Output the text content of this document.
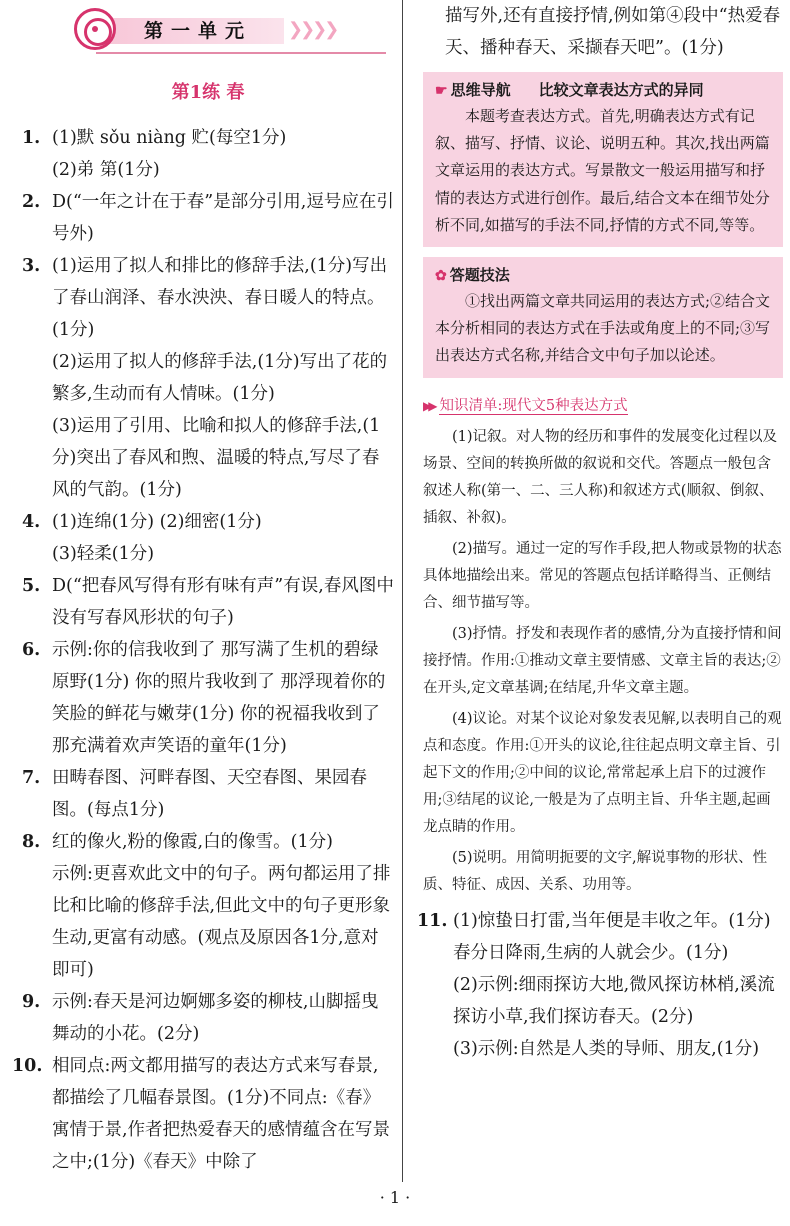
第一单元 ❯❯❯❯
第1练 春
1. (1)默 sǒu niàng 贮(每空1分)

(2)弟 第(1分)

2. D(“一年之计在于春”是部分引用,逗号应在引号外)

3. (1)运用了拟人和排比的修辞手法,(1分)写出了春山润泽、春水泱泱、春日暖人的特点。(1分)

(2)运用了拟人的修辞手法,(1分)写出了花的繁多,生动而有人情味。(1分)

(3)运用了引用、比喻和拟人的修辞手法,(1分)突出了春风和煦、温暖的特点,写尽了春风的气韵。(1分)

4. (1)连绵(1分) (2)细密(1分)

(3)轻柔(1分)

5. D(“把春风写得有形有味有声”有误,春风图中没有写春风形状的句子)

6. 示例:你的信我收到了 那写满了生机的碧绿原野(1分) 你的照片我收到了 那浮现着你的笑脸的鲜花与嫩芽(1分) 你的祝福我收到了 那充满着欢声笑语的童年(1分)

7. 田畴春图、河畔春图、天空春图、果园春图。(每点1分)

8. 红的像火,粉的像霞,白的像雪。(1分)

示例:更喜欢此文中的句子。两句都运用了排比和比喻的修辞手法,但此文中的句子更形象生动,更富有动感。(观点及原因各1分,意对即可)

9. 示例:春天是河边婀娜多姿的柳枝,山脚摇曳舞动的小花。(2分)

10. 相同点:两文都用描写的表达方式来写春景,都描绘了几幅春景图。(1分)不同点:《春》寓情于景,作者把热爱春天的感情蕴含在写景之中;(1分)《春天》中除了

描写外,还有直接抒情,例如第④段中“热爱春天、播种春天、采撷春天吧”。(1分)
☛ 思维导航 比较文章表达方式的异同

本题考查表达方式。首先,明确表达方式有记叙、描写、抒情、议论、说明五种。其次,找出两篇文章运用的表达方式。写景散文一般运用描写和抒情的表达方式进行创作。最后,结合文本在细节处分析不同,如描写的手法不同,抒情的方式不同,等等。

✿ 答题技法

①找出两篇文章共同运用的表达方式;②结合文本分析相同的表达方式在手法或角度上的不同;③写出表达方式名称,并结合文中句子加以论述。

▶▶ 知识清单:现代文5种表达方式

(1)记叙。对人物的经历和事件的发展变化过程以及场景、空间的转换所做的叙说和交代。答题点一般包含叙述人称(第一、二、三人称)和叙述方式(顺叙、倒叙、插叙、补叙)。

(2)描写。通过一定的写作手段,把人物或景物的状态具体地描绘出来。常见的答题点包括详略得当、正侧结合、细节描写等。

(3)抒情。抒发和表现作者的感情,分为直接抒情和间接抒情。作用:①推动文章主要情感、文章主旨的表达;②在开头,定文章基调;在结尾,升华文章主题。

(4)议论。对某个议论对象发表见解,以表明自己的观点和态度。作用:①开头的议论,往往起点明文章主旨、引起下文的作用;②中间的议论,常常起承上启下的过渡作用;③结尾的议论,一般是为了点明主旨、升华主题,起画龙点睛的作用。

(5)说明。用简明扼要的文字,解说事物的形状、性质、特征、成因、关系、功用等。

11. (1)惊蛰日打雷,当年便是丰收之年。(1分)春分日降雨,生病的人就会少。(1分)

(2)示例:细雨探访大地,微风探访林梢,溪流探访小草,我们探访春天。(2分)

(3)示例:自然是人类的导师、朋友,(1分)

· 1 ·
